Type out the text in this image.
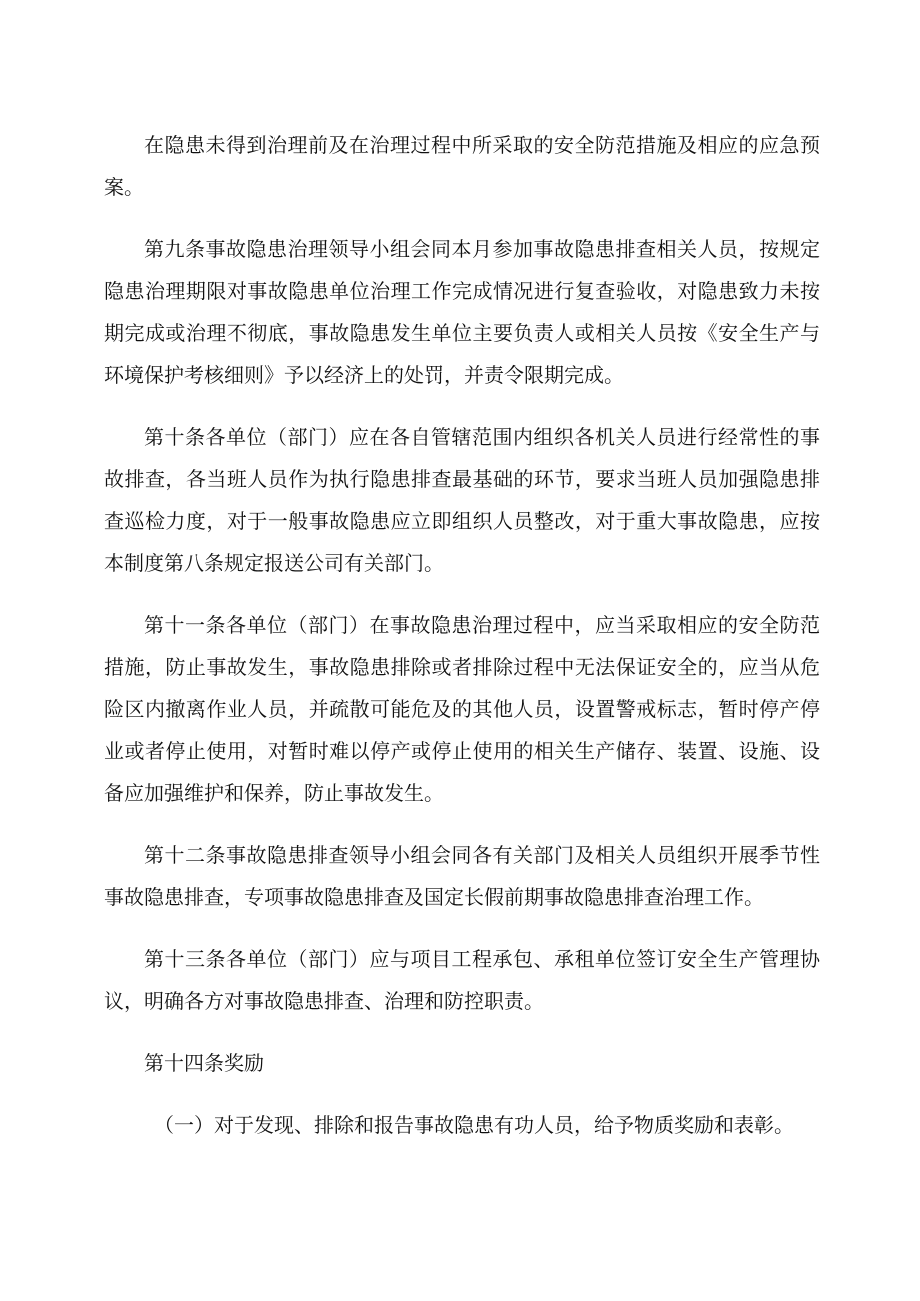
在隐患未得到治理前及在治理过程中所采取的安全防范措施及相应的应急预案。

第九条事故隐患治理领导小组会同本月参加事故隐患排查相关人员，按规定隐患治理期限对事故隐患单位治理工作完成情况进行复查验收，对隐患致力未按期完成或治理不彻底，事故隐患发生单位主要负责人或相关人员按《安全生产与环境保护考核细则》予以经济上的处罚，并责令限期完成。

第十条各单位（部门）应在各自管辖范围内组织各机关人员进行经常性的事故排查，各当班人员作为执行隐患排查最基础的环节，要求当班人员加强隐患排查巡检力度，对于一般事故隐患应立即组织人员整改，对于重大事故隐患，应按本制度第八条规定报送公司有关部门。

第十一条各单位（部门）在事故隐患治理过程中，应当采取相应的安全防范措施，防止事故发生，事故隐患排除或者排除过程中无法保证安全的，应当从危险区内撤离作业人员，并疏散可能危及的其他人员，设置警戒标志，暂时停产停业或者停止使用，对暂时难以停产或停止使用的相关生产储存、装置、设施、设备应加强维护和保养，防止事故发生。

第十二条事故隐患排查领导小组会同各有关部门及相关人员组织开展季节性事故隐患排查，专项事故隐患排查及国定长假前期事故隐患排查治理工作。

第十三条各单位（部门）应与项目工程承包、承租单位签订安全生产管理协议，明确各方对事故隐患排查、治理和防控职责。

第十四条奖励

（一）对于发现、排除和报告事故隐患有功人员，给予物质奖励和表彰。
